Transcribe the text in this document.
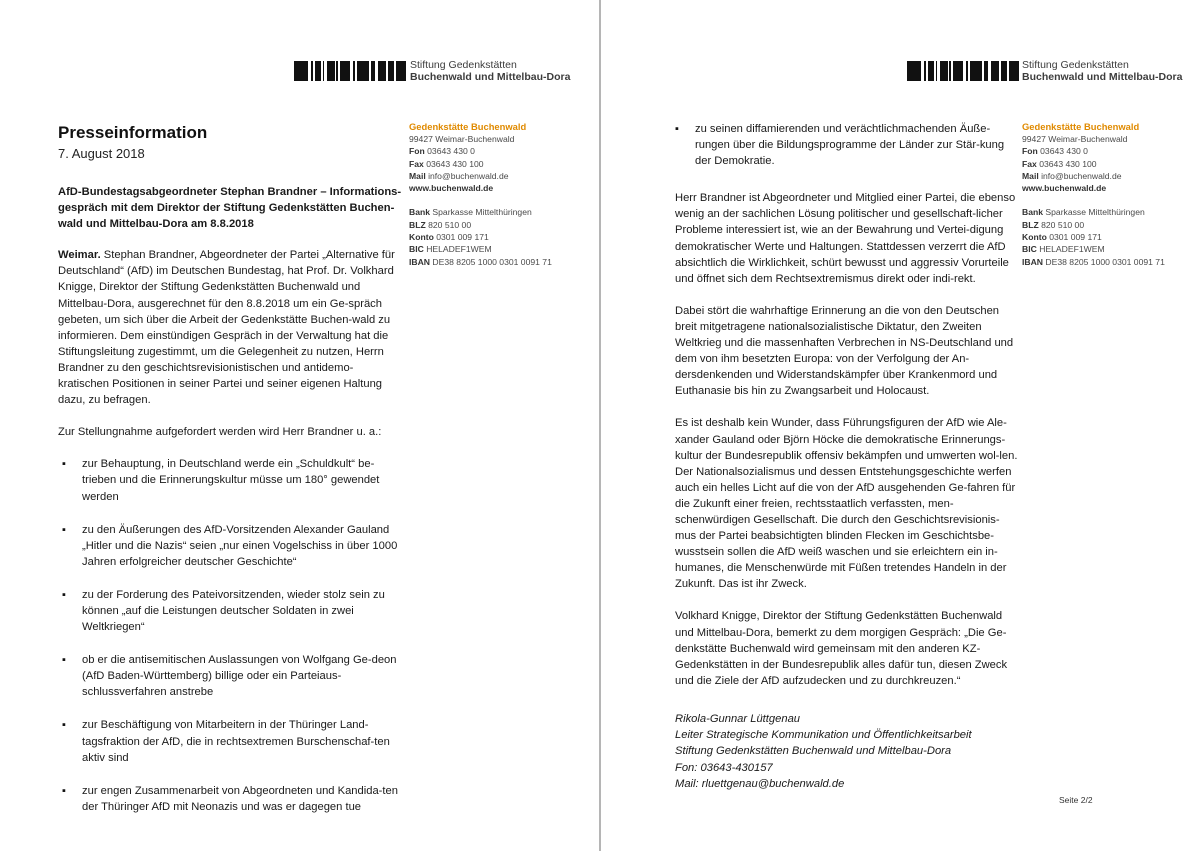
Stiftung Gedenkstätten
Buchenwald und Mittelbau-Dora
Gedenkstätte Buchenwald
99427 Weimar-Buchenwald
Fon 03643 430 0
Fax 03643 430 100
Mail info@buchenwald.de
www.buchenwald.de
Bank Sparkasse Mittelthüringen
BLZ 820 510 00
Konto 0301 009 171
BIC HELADEF1WEM
IBAN DE38 8205 1000 0301 0091 71
Presseinformation
7. August 2018

AfD-Bundestagsabgeordneter Stephan Brandner – Informations-gespräch mit dem Direktor der Stiftung Gedenkstätten Buchen-wald und Mittelbau-Dora am 8.8.2018

Weimar. Stephan Brandner, Abgeordneter der Partei „Alternative für Deutschland“ (AfD) im Deutschen Bundestag, hat Prof. Dr. Volkhard Knigge, Direktor der Stiftung Gedenkstätten Buchenwald und Mittelbau-Dora, ausgerechnet für den 8.8.2018 um ein Ge-spräch gebeten, um sich über die Arbeit der Gedenkstätte Buchen-wald zu informieren. Dem einstündigen Gespräch in der Verwaltung hat die Stiftungsleitung zugestimmt, um die Gelegenheit zu nutzen, Herrn Brandner zu den geschichtsrevisionistischen und antidemo-kratischen Positionen in seiner Partei und seiner eigenen Haltung dazu, zu befragen.

Zur Stellungnahme aufgefordert werden wird Herr Brandner u. a.:

▪ zur Behauptung, in Deutschland werde ein „Schuldkult“ be-trieben und die Erinnerungskultur müsse um 180° gewendet werden
▪ zu den Äußerungen des AfD-Vorsitzenden Alexander Gauland „Hitler und die Nazis“ seien „nur einen Vogelschiss in über 1000 Jahren erfolgreicher deutscher Geschichte“
▪ zu der Forderung des Pateivorsitzenden, wieder stolz sein zu können „auf die Leistungen deutscher Soldaten in zwei Weltkriegen“
▪ ob er die antisemitischen Auslassungen von Wolfgang Ge-deon (AfD Baden-Württemberg) billige oder ein Parteiaus-schlussverfahren anstrebe
▪ zur Beschäftigung von Mitarbeitern in der Thüringer Land-tagsfraktion der AfD, die in rechtsextremen Burschenschaf-ten aktiv sind
▪ zur engen Zusammenarbeit von Abgeordneten und Kandida-ten der Thüringer AfD mit Neonazis und was er dagegen tue
Stiftung Gedenkstätten
Buchenwald und Mittelbau-Dora
Gedenkstätte Buchenwald
99427 Weimar-Buchenwald
Fon 03643 430 0
Fax 03643 430 100
Mail info@buchenwald.de
www.buchenwald.de
Bank Sparkasse Mittelthüringen
BLZ 820 510 00
Konto 0301 009 171
BIC HELADEF1WEM
IBAN DE38 8205 1000 0301 0091 71
▪ zu seinen diffamierenden und verächtlichmachenden Äuße-rungen über die Bildungsprogramme der Länder zur Stär-kung der Demokratie.

Herr Brandner ist Abgeordneter und Mitglied einer Partei, die ebenso wenig an der sachlichen Lösung politischer und gesellschaft-licher Probleme interessiert ist, wie an der Bewahrung und Vertei-digung demokratischer Werte und Haltungen. Stattdessen verzerrt die AfD absichtlich die Wirklichkeit, schürt bewusst und aggressiv Vorurteile und öffnet sich dem Rechtsextremismus direkt oder indi-rekt.

Dabei stört die wahrhaftige Erinnerung an die von den Deutschen breit mitgetragene nationalsozialistische Diktatur, den Zweiten Weltkrieg und die massenhaften Verbrechen in NS-Deutschland und dem von ihm besetzten Europa: von der Verfolgung der An-dersdenkenden und Widerstandskämpfer über Krankenmord und Euthanasie bis hin zu Zwangsarbeit und Holocaust.

Es ist deshalb kein Wunder, dass Führungsfiguren der AfD wie Ale-xander Gauland oder Björn Höcke die demokratische Erinnerungs-kultur der Bundesrepublik offensiv bekämpfen und umwerten wol-len. Der Nationalsozialismus und dessen Entstehungsgeschichte werfen auch ein helles Licht auf die von der AfD ausgehenden Ge-fahren für die Zukunft einer freien, rechtsstaatlich verfassten, men-schenwürdigen Gesellschaft. Die durch den Geschichtsrevisionis-mus der Partei beabsichtigten blinden Flecken im Geschichtsbe-wusstsein sollen die AfD weiß waschen und sie erleichtern ein in-humanes, die Menschenwürde mit Füßen tretendes Handeln in der Zukunft. Das ist ihr Zweck.

Volkhard Knigge, Direktor der Stiftung Gedenkstätten Buchenwald und Mittelbau-Dora, bemerkt zu dem morgigen Gespräch: „Die Ge-denkstätte Buchenwald wird gemeinsam mit den anderen KZ-Gedenkstätten in der Bundesrepublik alles dafür tun, diesen Zweck und die Ziele der AfD aufzudecken und zu durchkreuzen.“

Rikola-Gunnar Lüttgenau
Leiter Strategische Kommunikation und Öffentlichkeitsarbeit
Stiftung Gedenkstätten Buchenwald und Mittelbau-Dora
Fon: 03643-430157
Mail: rluettgenau@buchenwald.de
Seite 2/2
